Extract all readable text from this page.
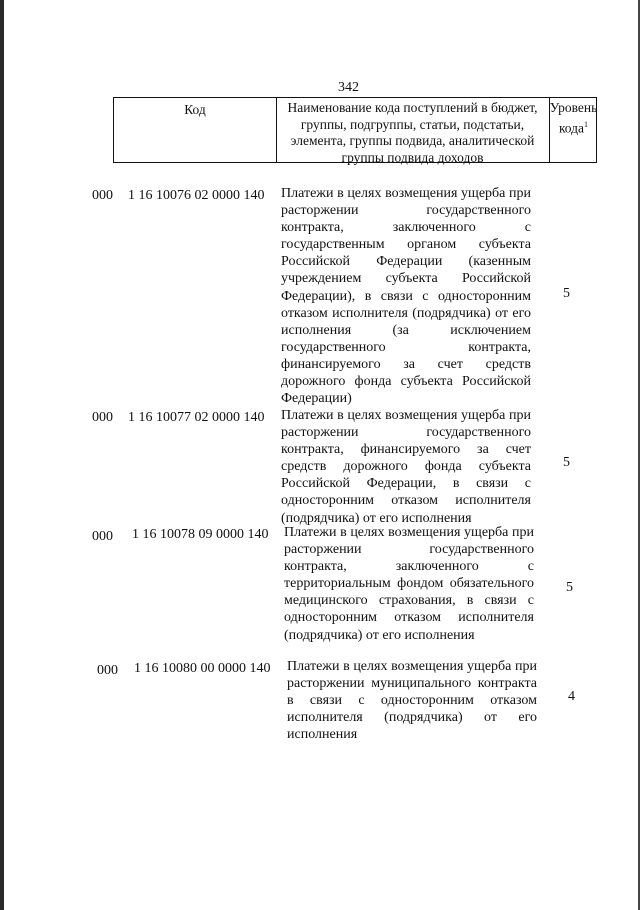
342
Код	Наименование кода поступлений в бюджет, группы, подгруппы, статьи, подстатьи, элемента, группы подвида, аналитической группы подвида доходов
Уровень кода$^1$
000 1 16 10076 02 0000 140 Платежи в целях возмещения ущерба при расторжении государственного контракта, заключенного с государственным органом субъекта Российской Федерации (казенным учреждением субъекта Российской Федерации), в связи с односторонним отказом исполнителя (подрядчика) от его исполнения (за исключением государственного контракта, финансируемого за счет средств дорожного фонда субъекта Российской Федерации)
5
000 1 16 10077 02 0000 140 Платежи в целях возмещения ущерба при расторжении государственного контракта, финансируемого за счет средств дорожного фонда субъекта Российской Федерации, в связи с односторонним отказом исполнителя (подрядчика) от его исполнения
5
000 1 16 10078 09 0000 140 Платежи в целях возмещения ущерба при расторжении государственного контракта, заключенного с территориальным фондом обязательного медицинского страхования, в связи с односторонним отказом исполнителя (подрядчика) от его исполнения
5
000 1 16 10080 00 0000 140 Платежи в целях возмещения ущерба при расторжении муниципального контракта в связи с односторонним отказом исполнителя (подрядчика) от его исполнения
4
